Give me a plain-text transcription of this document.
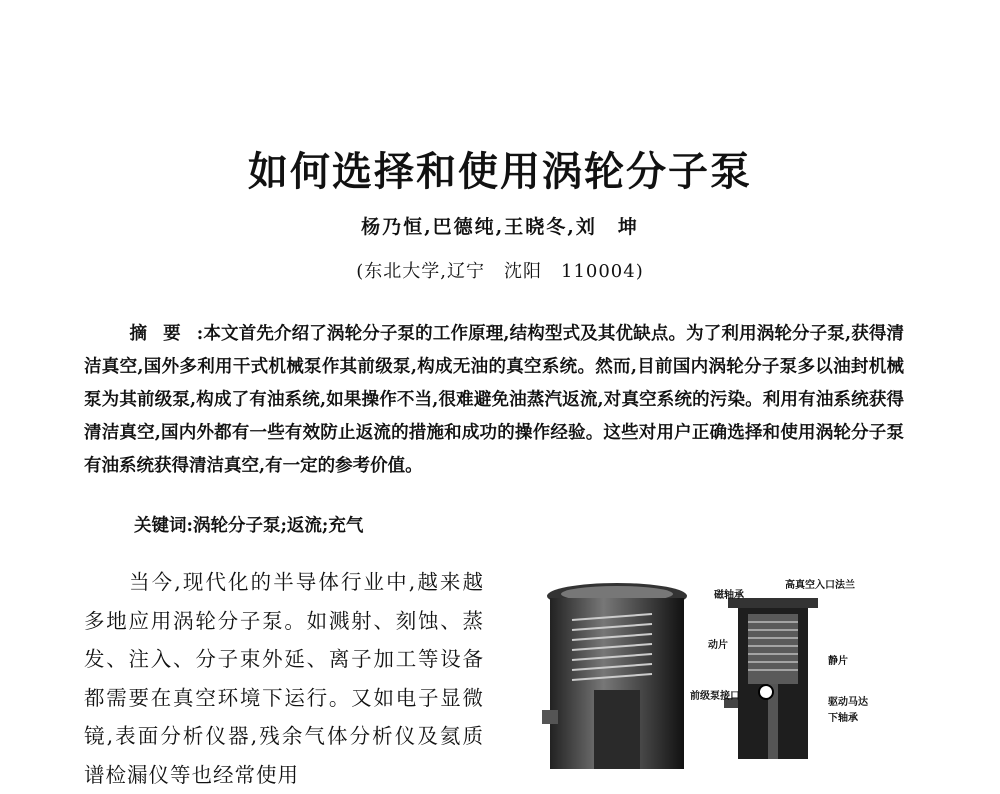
如何选择和使用涡轮分子泵
杨乃恒,巴德纯,王晓冬,刘　坤
(东北大学,辽宁　沈阳　110004)
摘要:本文首先介绍了涡轮分子泵的工作原理,结构型式及其优缺点。为了利用涡轮分子泵,获得清洁真空,国外多利用干式机械泵作其前级泵,构成无油的真空系统。然而,目前国内涡轮分子泵多以油封机械泵为其前级泵,构成了有油系统,如果操作不当,很难避免油蒸汽返流,对真空系统的污染。利用有油系统获得清洁真空,国内外都有一些有效防止返流的措施和成功的操作经验。这些对用户正确选择和使用涡轮分子泵有油系统获得清洁真空,有一定的参考价值。
关键词:涡轮分子泵;返流;充气
当今,现代化的半导体行业中,越来越多地应用涡轮分子泵。如溅射、刻蚀、蒸发、注入、分子束外延、离子加工等设备都需要在真空环境下运行。又如电子显微镜,表面分析仪器,残余气体分析仪及氦质谱检漏仪等也经常使用
磁轴承
高真空入口法兰
动片
静片
前级泵接口
驱动马达
下轴承
